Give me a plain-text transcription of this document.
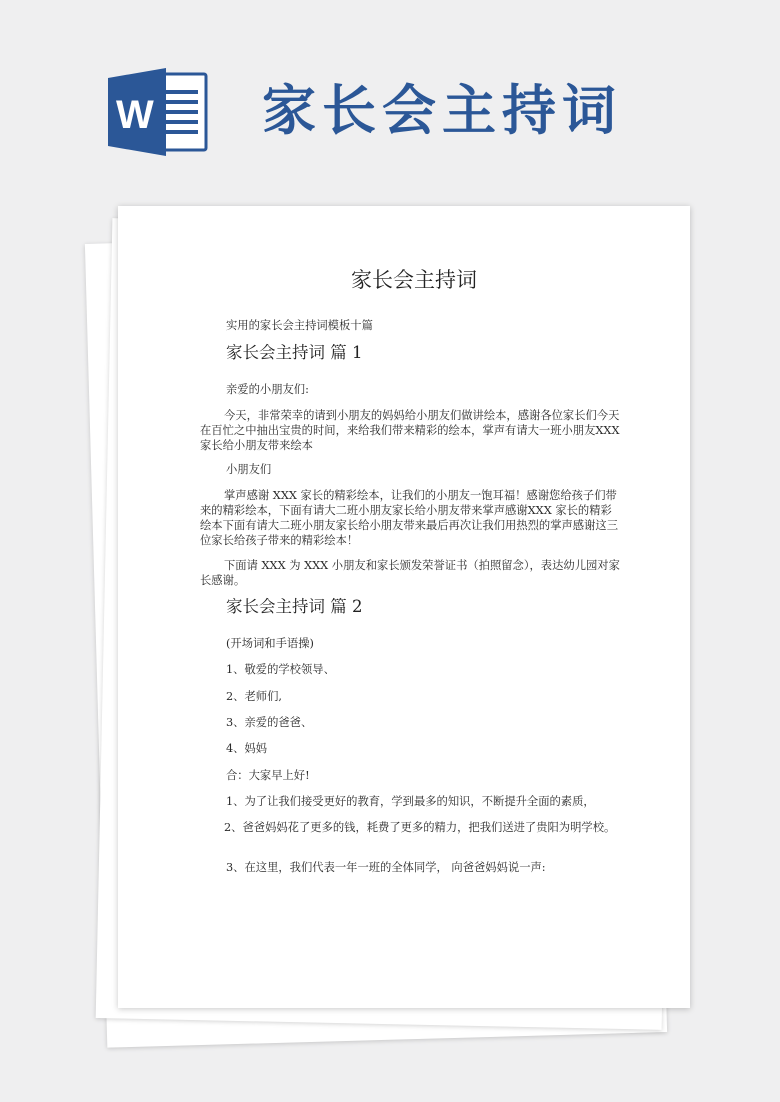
W 家长会主持词
家长会主持词
实用的家长会主持词模板十篇
家长会主持词 篇 1
亲爱的小朋友们:
今天，非常荣幸的请到小朋友的妈妈给小朋友们做讲绘本，感谢各位家长们今天在百忙之中抽出宝贵的时间，来给我们带来精彩的绘本，掌声有请大一班小朋友XXX家长给小朋友带来绘本
小朋友们
掌声感谢 XXX 家长的精彩绘本，让我们的小朋友一饱耳福！感谢您给孩子们带来的精彩绘本，下面有请大二班小朋友家长给小朋友带来掌声感谢XXX 家长的精彩绘本下面有请大二班小朋友家长给小朋友带来最后再次让我们用热烈的掌声感谢这三位家长给孩子带来的精彩绘本！
下面请 XXX 为 XXX 小朋友和家长颁发荣誉证书（拍照留念），表达幼儿园对家长感谢。
家长会主持词 篇 2
(开场词和手语操)
1、敬爱的学校领导、
2、老师们,
3、亲爱的爸爸、
4、妈妈
合：大家早上好!
1、为了让我们接受更好的教育，学到最多的知识，不断提升全面的素质，
2、爸爸妈妈花了更多的钱，耗费了更多的精力，把我们送进了贵阳为明学校。
3、在这里，我们代表一年一班的全体同学， 向爸爸妈妈说一声:
